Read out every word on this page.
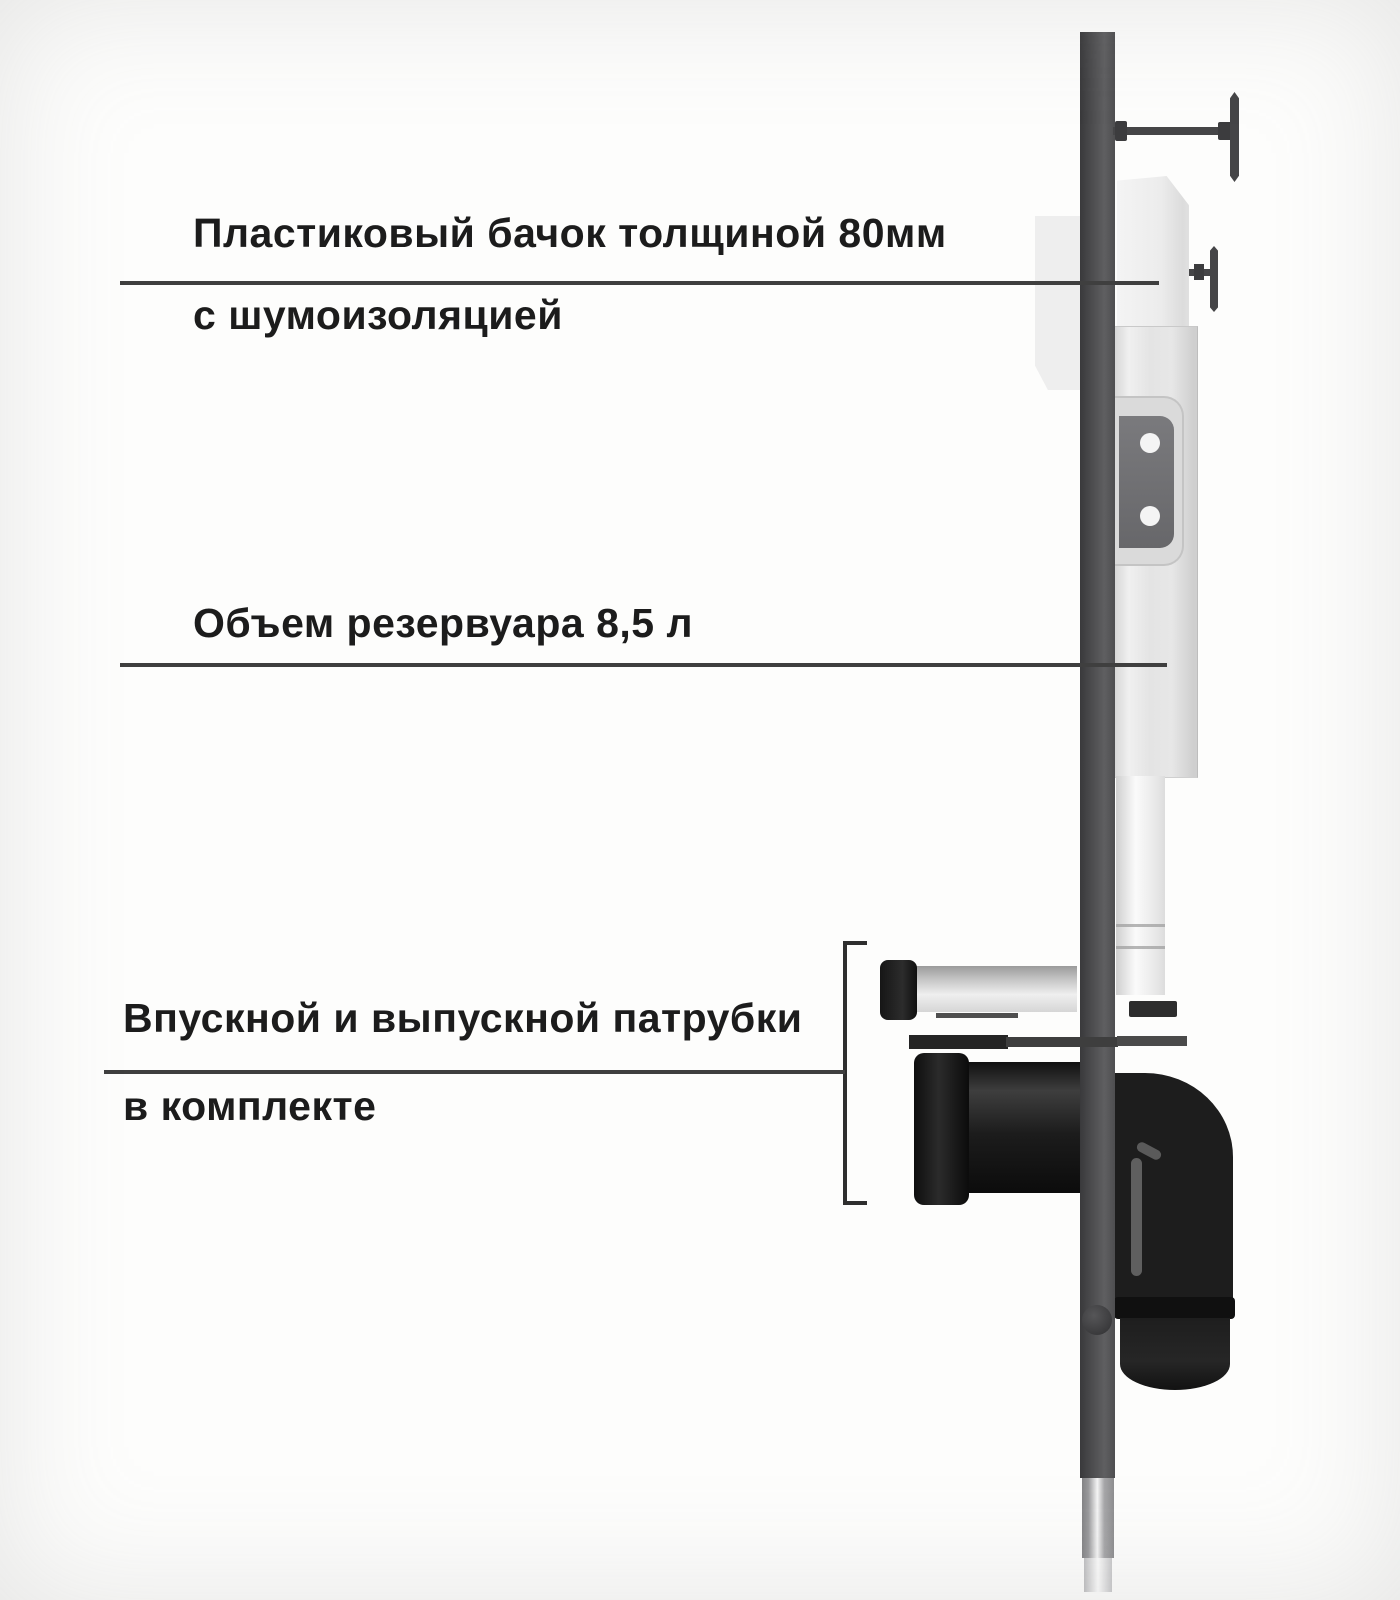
Пластиковый бачок толщиной 80мм
с шумоизоляцией
Объем резервуара 8,5 л
Впускной и выпускной патрубки
в комплекте
